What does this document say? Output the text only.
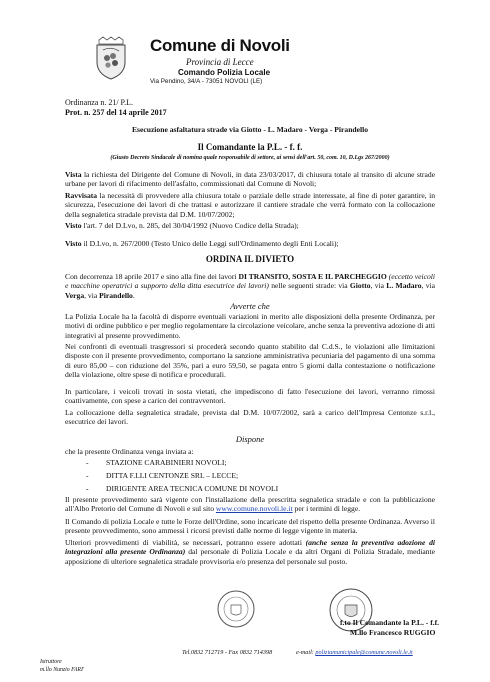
Comune di Novoli
Provincia di Lecce
Comando Polizia Locale
Via Pendino, 34/A - 73051 NOVOLI (LE)
Ordinanza n. 21/ P.L.
Prot. n. 257 del 14 aprile 2017
Esecuzione asfaltatura strade via Giotto - L. Madaro - Verga - Pirandello
Il Comandante la P.L. - f. f.
(Giusto Decreto Sindacale di nomina quale responsabile di settore, ai sensi dell'art. 50, com. 10, D.Lgs 267/2000)
Vista la richiesta del Dirigente del Comune di Novoli, in data 23/03/2017, di chiusura totale al transito di alcune strade urbane per lavori di rifacimento dell'asfalto, commissionati dal Comune di Novoli;
Ravvisata la necessità di provvedere alla chiusura totale o parziale delle strade interessate, al fine di poter garantire, in sicurezza, l'esecuzione dei lavori di che trattasi e autorizzare il cantiere stradale che verrà formato con la collocazione della segnaletica stradale prevista dal D.M. 10/07/2002;
Visto l'art. 7 del D.Lvo, n. 285, del 30/04/1992 (Nuovo Codice della Strada);
Visto il D.Lvo, n. 267/2000 (Testo Unico delle Leggi sull'Ordinamento degli Enti Locali);
ORDINA IL DIVIETO
Con decorrenza 18 aprile 2017 e sino alla fine dei lavori DI TRANSITO, SOSTA E IL PARCHEGGIO (eccetto veicoli e macchine operatrici a supporto della ditta esecutrice dei lavori) nelle seguenti strade: via Giotto, via L. Madaro, via Verga, via Pirandello.
Avverte che
La Polizia Locale ha la facoltà di disporre eventuali variazioni in merito alle disposizioni della presente Ordinanza, per motivi di ordine pubblico e per meglio regolamentare la circolazione veicolare, anche senza la preventiva adozione di atti integrativi al presente provvedimento.
Nei confronti di eventuali trasgressori si procederà secondo quanto stabilito dal C.d.S., le violazioni alle limitazioni disposte con il presente provvedimento, comportano la sanzione amministrativa pecuniaria del pagamento di una somma di euro 85,00 – con riduzione del 35%, pari a euro 59,50, se pagata entro 5 giorni dalla contestazione o notificazione della violazione, oltre spese di notifica e procedurali.
In particolare, i veicoli trovati in sosta vietati, che impediscono di fatto l'esecuzione dei lavori, verranno rimossi coattivamente, con spese a carico dei contravventori.
La collocazione della segnaletica stradale, prevista dal D.M. 10/07/2002, sarà a carico dell'Impresa Centonze s.r.l., esecutrice dei lavori.
Dispone
che la presente Ordinanza venga inviata a:
- STAZIONE CARABINIERI NOVOLI;
- DITTA F.LLI CENTONZE SRL – LECCE;
- DIRIGENTE AREA TECNICA COMUNE DI NOVOLI
Il presente provvedimento sarà vigente con l'installazione della prescritta segnaletica stradale e con la pubblicazione all'Albo Pretorio del Comune di Novoli e sul sito www.comune.novoli.le.it per i termini di legge.
Il Comando di polizia Locale e tutte le Forze dell'Ordine, sono incaricate del rispetto della presente Ordinanza. Avverso il presente provvedimento, sono ammessi i ricorsi previsti dalle norme di legge vigente in materia.
Ulteriori provvedimenti di viabilità, se necessari, potranno essere adottati (anche senza la preventiva adozione di integrazioni alla presente Ordinanza) dal personale di Polizia Locale e da altri Organi di Polizia Stradale, mediante apposizione di ulteriore segnaletica stradale provvisoria e/o presenza del personale sul posto.
f.to Il Comandante la P.L. - f.f.
M.llo Francesco RUGGIO
Tel.0832 712719 - Fax 0832 714398	e-mail: poliziamunicipale@comune.novoli.le.it
Istruttore
m.llo Nunzio FARI'
